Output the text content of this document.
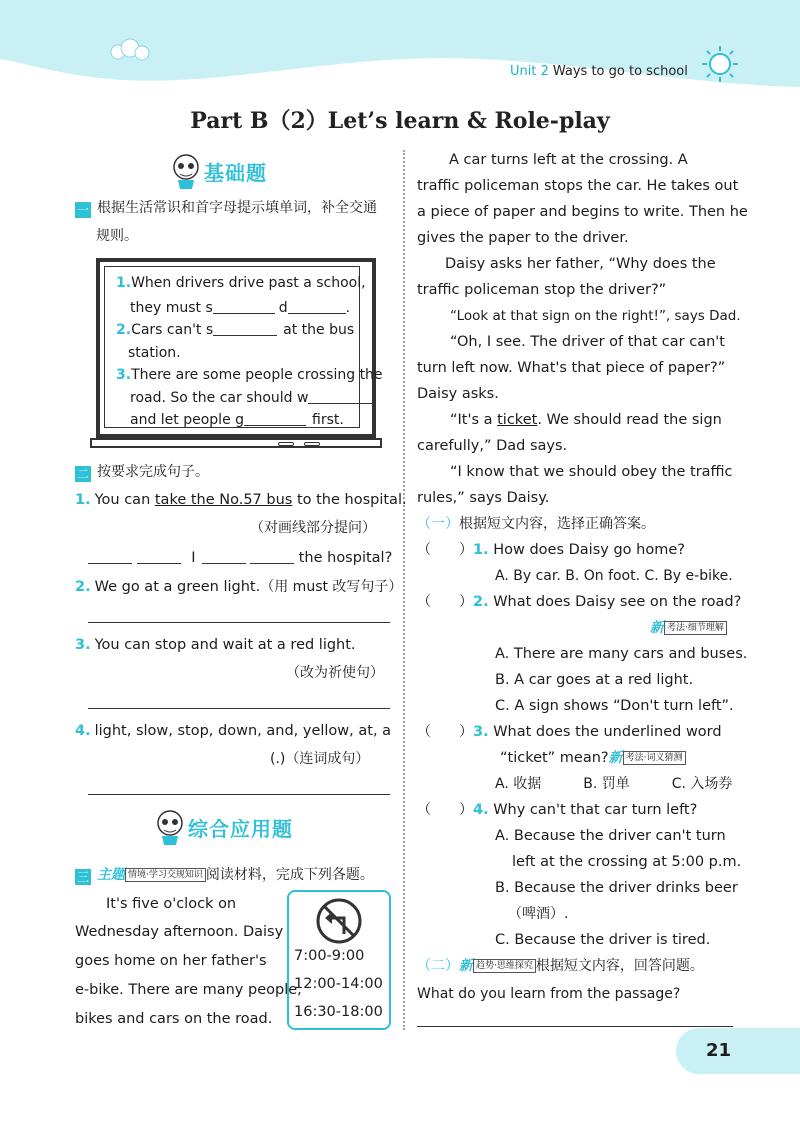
Unit 2 Ways to go to school
Part B（2）Let’s learn & Role-play
基础题
一 根据生活常识和首字母提示填单词，补全交通
规则。
1.When drivers drive past a school,
they must s	d	.
2.Cars can't s	at the bus
station.
3.There are some people crossing the
road. So the car should w
and let people g	first.
二 按要求完成句子。
1. You can take the No.57 bus to the hospital.
（对画线部分提问）
I	the hospital?
2. We go at a green light.（用 must 改写句子）
3. You can stop and wait at a red light.
（改为祈使句）
4. light, slow, stop, down, and, yellow, at, a
(.)（连词成句）
综合应用题
三 主题 情境·学习交规知识 阅读材料，完成下列各题。
It's five o'clock on
Wednesday afternoon. Daisy
goes home on her father's
e-bike. There are many people,
bikes and cars on the road.
7:00-9:00
12:00-14:00
16:30-18:00
A car turns left at the crossing. A
traffic policeman stops the car. He takes out
a piece of paper and begins to write. Then he
gives the paper to the driver.
Daisy asks her father, “Why does the
traffic policeman stop the driver?”
“Look at that sign on the right!”, says Dad.
“Oh, I see. The driver of that car can't
turn left now. What's that piece of paper?”
Daisy asks.
“It's a ticket. We should read the sign
carefully,” Dad says.
“I know that we should obey the traffic
rules,” says Daisy.
（一）根据短文内容，选择正确答案。
（　　）1. How does Daisy go home?
A. By car. B. On foot. C. By e-bike.
（　　）2. What does Daisy see on the road?
新 考法·细节理解
A. There are many cars and buses.
B. A car goes at a red light.
C. A sign shows “Don't turn left”.
（　　）3. What does the underlined word
“ticket” mean?新 考法·词义猜测
A. 收据　　　B. 罚单　　　C. 入场券
（　　）4. Why can't that car turn left?
A. Because the driver can't turn
left at the crossing at 5:00 p.m.
B. Because the driver drinks beer
（啤酒）.
C. Because the driver is tired.
（二）新 趋势·思维探究 根据短文内容，回答问题。
What do you learn from the passage?
21
